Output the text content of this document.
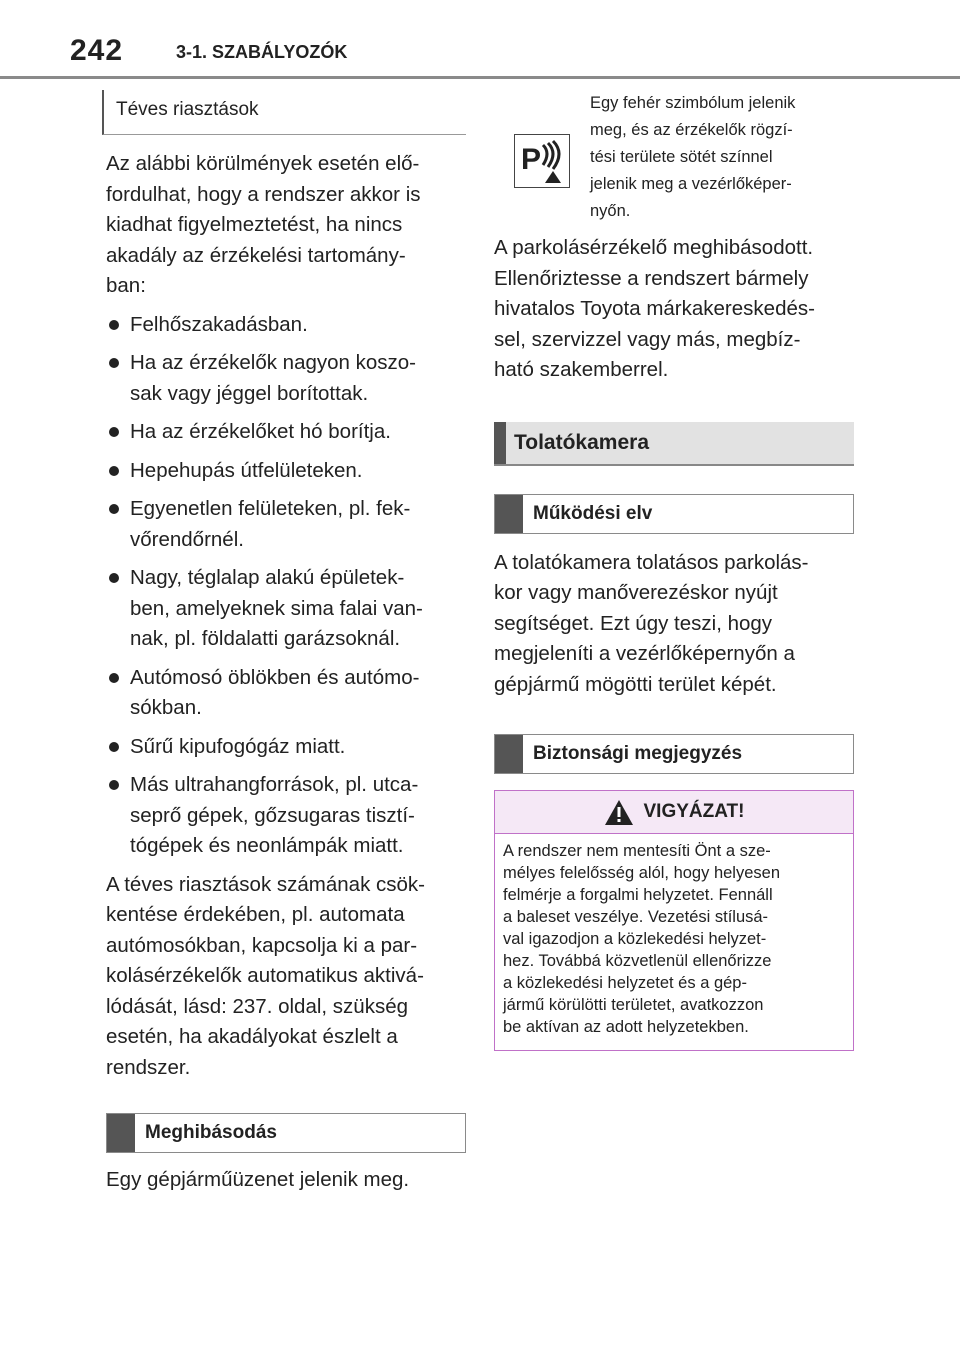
242	3-1. SZABÁLYOZÓK
Téves riasztások

Az alábbi körülmények esetén elő-
fordulhat, hogy a rendszer akkor is
kiadhat figyelmeztetést, ha nincs
akadály az érzékelési tartomány-
ban:

Felhőszakadásban.
Ha az érzékelők nagyon koszo-
sak vagy jéggel borítottak.
Ha az érzékelőket hó borítja.
Hepehupás útfelületeken.
Egyenetlen felületeken, pl. fek-
vőrendőrnél.
Nagy, téglalap alakú épületek-
ben, amelyeknek sima falai van-
nak, pl. földalatti garázsoknál.
Autómosó öblökben és autómo-
sókban.
Sűrű kipufogógáz miatt.
Más ultrahangforrások, pl. utca-
seprő gépek, gőzsugaras tisztí-
tógépek és neonlámpák miatt.

A téves riasztások számának csök-
kentése érdekében, pl. automata
autómosókban, kapcsolja ki a par-
kolásérzékelők automatikus aktivá-
lódását, lásd: 237. oldal, szükség
esetén, ha akadályokat észlelt a
rendszer.

Meghibásodás

Egy gépjárműüzenet jelenik meg.

P
Egy fehér szimbólum jelenik
meg, és az érzékelők rögzí-
tési területe sötét színnel
jelenik meg a vezérlőképer-
nyőn.

A parkolásérzékelő meghibásodott.
Ellenőriztesse a rendszert bármely
hivatalos Toyota márkakereskedés-
sel, szervizzel vagy más, megbíz-
ható szakemberrel.

Tolatókamera
Működési elv

A tolatókamera tolatásos parkolás-
kor vagy manőverezéskor nyújt
segítséget. Ezt úgy teszi, hogy
megjeleníti a vezérlőképernyőn a
gépjármű mögötti terület képét.

Biztonsági megjegyzés
VIGYÁZAT!
A rendszer nem mentesíti Önt a sze-
mélyes felelősség alól, hogy helyesen
felmérje a forgalmi helyzetet. Fennáll
a baleset veszélye. Vezetési stílusá-
val igazodjon a közlekedési helyzet-
hez. Továbbá közvetlenül ellenőrizze
a közlekedési helyzetet és a gép-
jármű körülötti területet, avatkozzon
be aktívan az adott helyzetekben.
